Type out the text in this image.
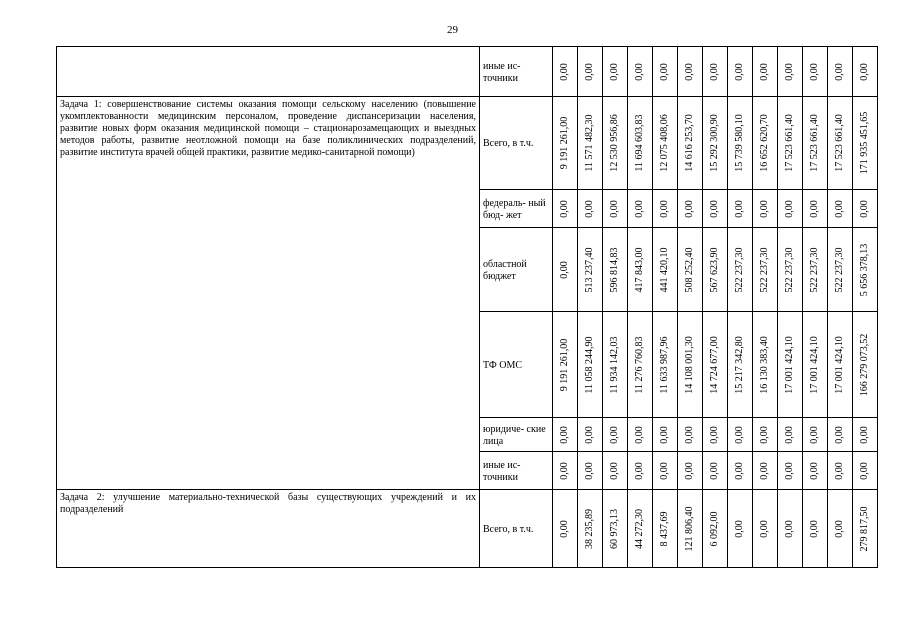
29
	иные ис- точники	0,00	0,00	0,00	0,00	0,00	0,00	0,00	0,00	0,00	0,00	0,00	0,00	0,00

Задача 1: совершенствование системы оказания помощи сельскому населению (повышение укомплектованности медицинским персоналом, проведение диспансеризации населения, развитие новых форм оказания медицинской помощи – стационарозамещающих и выездных методов работы, развитие неотложной помощи на базе поликлинических подразделений, развитие института врачей общей практики, развитие медико-санитарной помощи)	Всего, в т.ч.	9 191 261,00	11 571 482,30	12 530 956,86	11 694 603,83	12 075 408,06	14 616 253,70	15 292 300,90	15 739 580,10	16 652 620,70	17 523 661,40	17 523 661,40	17 523 661,40	171 935 451,65

	федераль- ный бюд- жет	0,00	0,00	0,00	0,00	0,00	0,00	0,00	0,00	0,00	0,00	0,00	0,00	0,00

	областной бюджет	0,00	513 237,40	596 814,83	417 843,00	441 420,10	508 252,40	567 623,90	522 237,30	522 237,30	522 237,30	522 237,30	522 237,30	5 656 378,13

	ТФ ОМС	9 191 261,00	11 058 244,90	11 934 142,03	11 276 760,83	11 633 987,96	14 108 001,30	14 724 677,00	15 217 342,80	16 130 383,40	17 001 424,10	17 001 424,10	17 001 424,10	166 279 073,52

	юридиче- ские лица	0,00	0,00	0,00	0,00	0,00	0,00	0,00	0,00	0,00	0,00	0,00	0,00	0,00

	иные ис- точники	0,00	0,00	0,00	0,00	0,00	0,00	0,00	0,00	0,00	0,00	0,00	0,00	0,00

Задача 2: улучшение материально-технической базы существующих учреждений и их подразделений	Всего, в т.ч.	0,00	38 235,89	60 973,13	44 272,30	8 437,69	121 806,40	6 092,00	0,00	0,00	0,00	0,00	0,00	279 817,50
